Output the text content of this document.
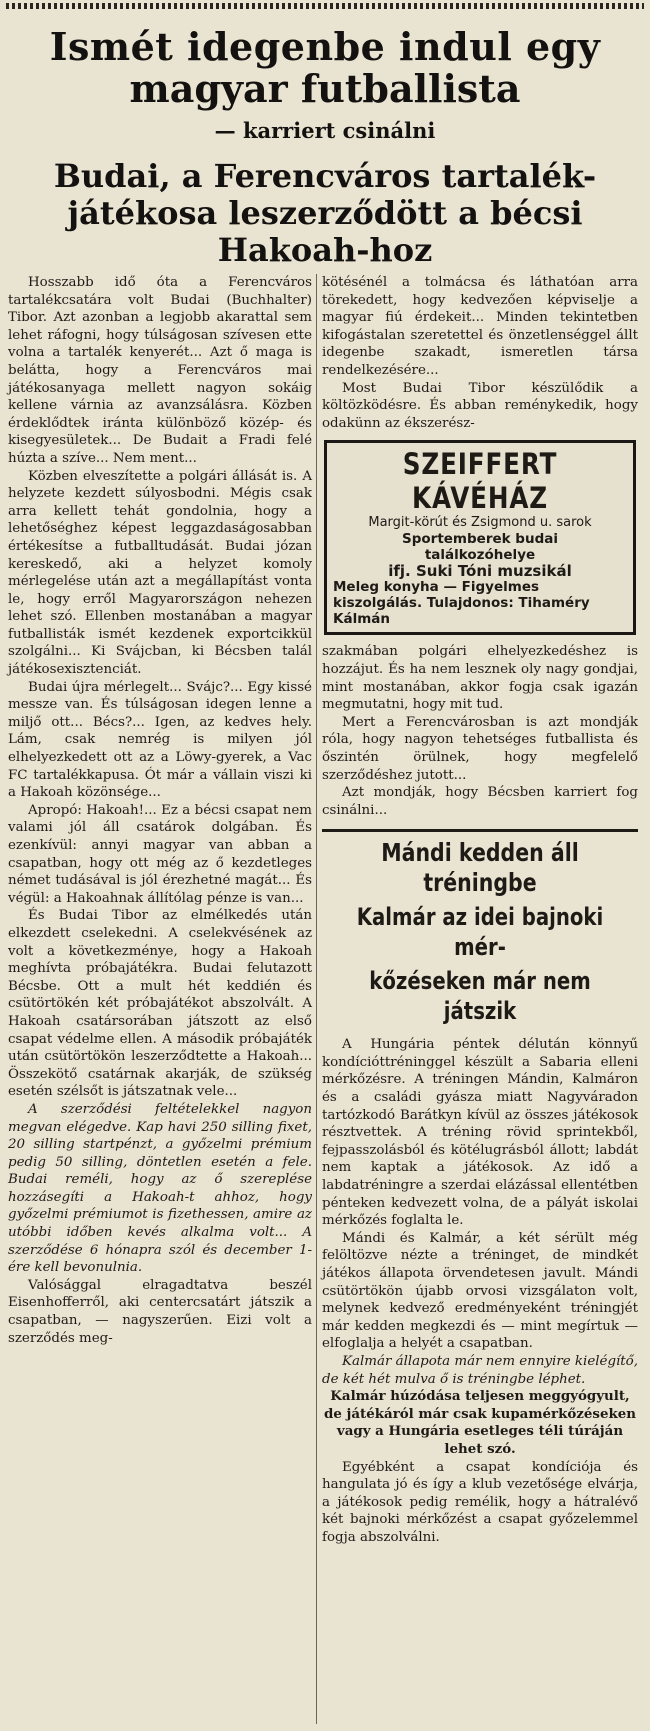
Ismét idegenbe indul egy
magyar futballista
— karriert csinálni
Budai, a Ferencváros tartalék-
játékosa leszerződött a bécsi
Hakoah-hoz

Hosszabb idő óta a Ferencváros tartalékcsatára volt Budai (Buchhalter) Tibor. Azt azonban a legjobb akarattal sem lehet ráfogni, hogy túlságosan szívesen ette volna a tartalék kenyerét... Azt ő maga is belátta, hogy a Ferencváros mai játékosanyaga mellett nagyon sokáig kellene várnia az avanzsálásra. Közben érdeklődtek iránta különböző közép- és kisegyesületek... De Budait a Fradi felé húzta a szíve... Nem ment...

Közben elveszítette a polgári állását is. A helyzete kezdett súlyosbodni. Mégis csak arra kellett tehát gondolnia, hogy a lehetőséghez képest leggazdaságosabban értékesítse a futballtudását. Budai józan kereskedő, aki a helyzet komoly mérlegelése után azt a megállapítást vonta le, hogy erről Magyarországon nehezen lehet szó. Ellenben mostanában a magyar futballisták ismét kezdenek exportcikkül szolgálni... Ki Svájcban, ki Bécsben talál játékosexisztenciát.

Budai újra mérlegelt... Svájc?... Egy kissé messze van. És túlságosan idegen lenne a miljő ott... Bécs?... Igen, az kedves hely. Lám, csak nemrég is milyen jól elhelyezkedett ott az a Löwy-gyerek, a Vac FC tartalékkapusa. Ót már a vállain viszi ki a Hakoah közönsége...

Apropó: Hakoah!... Ez a bécsi csapat nem valami jól áll csatárok dolgában. És ezenkívül: annyi magyar van abban a csapatban, hogy ott még az ő kezdetleges német tudásával is jól érezhetné magát... És végül: a Hakoahnak állítólag pénze is van...

És Budai Tibor az elmélkedés után elkezdett cselekedni. A cselekvésének az volt a következménye, hogy a Hakoah meghívta próbajátékra. Budai felutazott Bécsbe. Ott a mult hét keddién és csütörtökén két próbajátékot abszolvált. A Hakoah csatársorában játszott az első csapat védelme ellen. A második próbajáték után csütörtökön leszerződtette a Hakoah... Összekötő csatárnak akarják, de szükség esetén szélsőt is játszatnak vele...

A szerződési feltételekkel nagyon megvan elégedve. Kap havi 250 silling fixet, 20 silling startpénzt, a győzelmi prémium pedig 50 silling, döntetlen esetén a fele. Budai reméli, hogy az ő szereplése hozzásegíti a Hakoah-t ahhoz, hogy győzelmi prémiumot is fizethessen, amire az utóbbi időben kevés alkalma volt... A szerződése 6 hónapra szól és december 1-ére kell bevonulnia.

Valósággal elragadtatva beszél Eisenhofferről, aki centercsatárt játszik a csapatban, — nagyszerűen. Eizi volt a szerződés meg-

kötésénél a tolmácsa és láthatóan arra törekedett, hogy kedvezően képviselje a magyar fiú érdekeit... Minden tekintetben kifogástalan szeretettel és önzetlenséggel állt idegenbe szakadt, ismeretlen társa rendelkezésére...

Most Budai Tibor készülődik a költözködésre. És abban reménykedik, hogy odakünn az ékszerész-

SZEIFFERT KÁVÉHÁZ
Margit-körút és Zsigmond u. sarok
Sportemberek budai
találkozóhelye
ifj. Suki Tóni muzsikál
Meleg konyha — Figyelmes kiszolgálás. Tulajdonos: Tihaméry Kálmán

szakmában polgári elhelyezkedéshez is hozzájut. És ha nem lesznek oly nagy gondjai, mint mostanában, akkor fogja csak igazán megmutatni, hogy mit tud.

Mert a Ferencvárosban is azt mondják róla, hogy nagyon tehetséges futballista és őszintén örülnek, hogy megfelelő szerződéshez jutott...

Azt mondják, hogy Bécsben karriert fog csinálni...

Mándi kedden áll tréningbe
Kalmár az idei bajnoki mér-
kőzéseken már nem játszik

A Hungária péntek délután könnyű kondícióttréninggel készült a Sabaria elleni mérkőzésre. A tréningen Mándin, Kalmáron és a családi gyásza miatt Nagyváradon tartózkodó Barátkyn kívül az összes játékosok résztvettek. A tréning rövid sprintekből, fejpasszolásból és kötélugrásból állott; labdát nem kaptak a játékosok. Az idő a labdatréningre a szerdai elázással ellentétben pénteken kedvezett volna, de a pályát iskolai mérkőzés foglalta le.

Mándi és Kalmár, a két sérült még felöltözve nézte a tréninget, de mindkét játékos állapota örvendetesen javult. Mándi csütörtökön újabb orvosi vizsgálaton volt, melynek kedvező eredményeként tréningjét már kedden megkezdi és — mint megírtuk — elfoglalja a helyét a csapatban.

Kalmár állapota már nem ennyire kielégítő, de két hét mulva ő is tréningbe léphet.

Kalmár húzódása teljesen meggyógyult, de játékáról már csak kupamérkőzéseken vagy a Hungária esetleges téli túráján lehet szó.

Egyébként a csapat kondíciója és hangulata jó és így a klub vezetősége elvárja, a játékosok pedig remélik, hogy a hátralévő két bajnoki mérkőzést a csapat győzelemmel fogja abszolválni.
